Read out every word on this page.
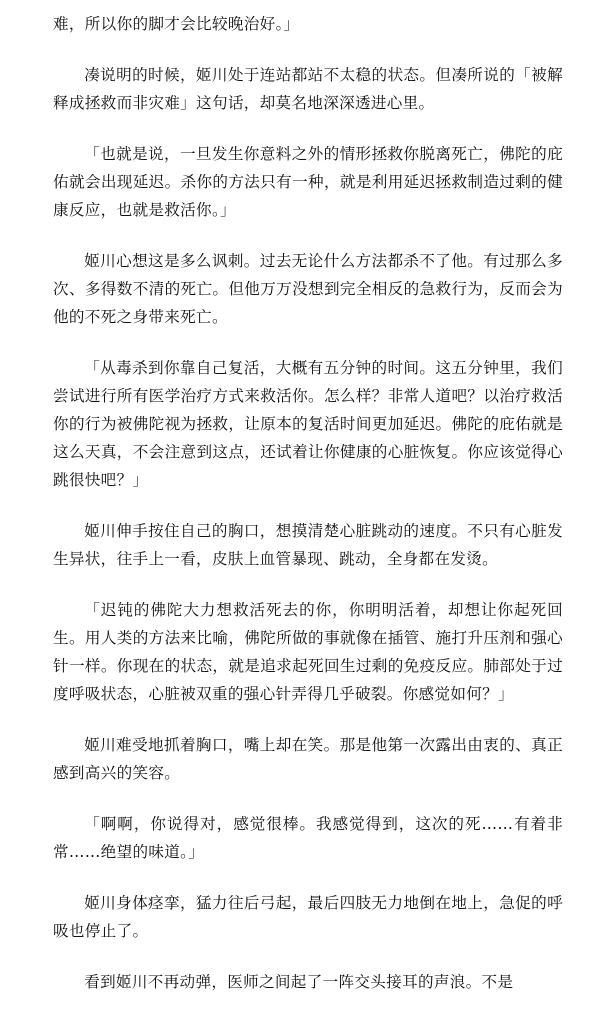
难，所以你的脚才会比较晚治好。」

凑说明的时候，姬川处于连站都站不太稳的状态。但凑所说的「被解释成拯救而非灾难」这句话，却莫名地深深透进心里。

「也就是说，一旦发生你意料之外的情形拯救你脱离死亡，佛陀的庇佑就会出现延迟。杀你的方法只有一种，就是利用延迟拯救制造过剩的健康反应，也就是救活你。」

姬川心想这是多么讽刺。过去无论什么方法都杀不了他。有过那么多次、多得数不清的死亡。但他万万没想到完全相反的急救行为，反而会为他的不死之身带来死亡。

「从毒杀到你靠自己复活，大概有五分钟的时间。这五分钟里，我们尝试进行所有医学治疗方式来救活你。怎么样？非常人道吧？以治疗救活你的行为被佛陀视为拯救，让原本的复活时间更加延迟。佛陀的庇佑就是这么天真，不会注意到这点，还试着让你健康的心脏恢复。你应该觉得心跳很快吧？」

姬川伸手按住自己的胸口，想摸清楚心脏跳动的速度。不只有心脏发生异状，往手上一看，皮肤上血管暴现、跳动，全身都在发烫。

「迟钝的佛陀大力想救活死去的你，你明明活着，却想让你起死回生。用人类的方法来比喻，佛陀所做的事就像在插管、施打升压剂和强心针一样。你现在的状态，就是追求起死回生过剩的免疫反应。肺部处于过度呼吸状态，心脏被双重的强心针弄得几乎破裂。你感觉如何？」

姬川难受地抓着胸口，嘴上却在笑。那是他第一次露出由衷的、真正感到高兴的笑容。

「啊啊，你说得对，感觉很棒。我感觉得到，这次的死……有着非常……绝望的味道。」

姬川身体痉挛，猛力往后弓起，最后四肢无力地倒在地上，急促的呼吸也停止了。

看到姬川不再动弹，医师之间起了一阵交头接耳的声浪。不是
